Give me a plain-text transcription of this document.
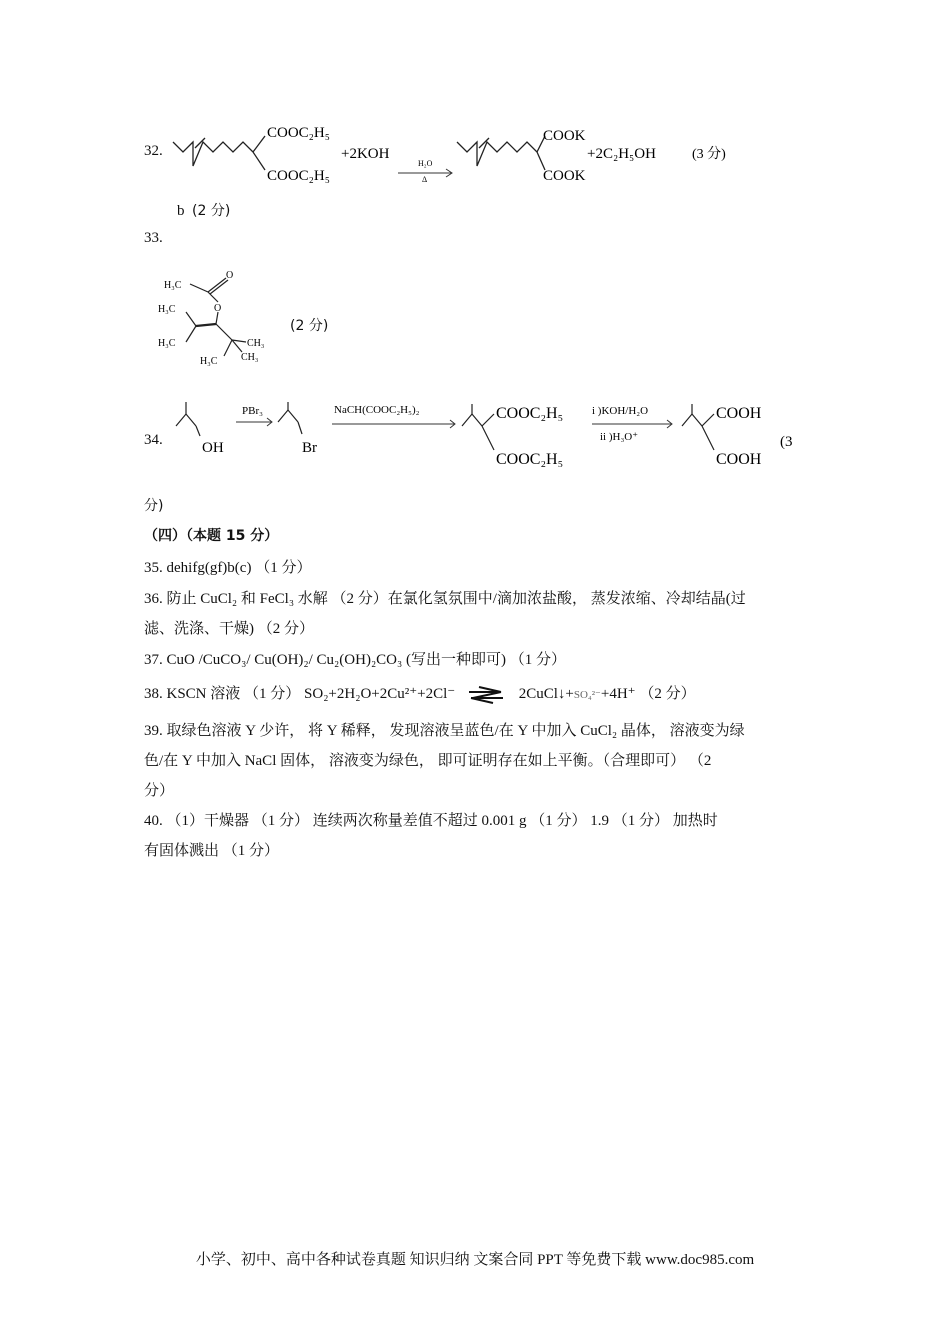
32.
COOC₂H₅
COOC₂H₅
+2KOH
H₂O
Δ
COOK
COOK
+2C₂H₅OH	(3 分)
b (2 分)
33.
H₃C
O
O
H₃C
H₃C	CH₃
CH₃
H₃C
(2 分)
34.	OH
PBr₃
Br
NaCH(COOC₂H₅)₂	COOC₂H₅
COOC₂H₅
i )KOH/H₂O
ii )H₃O⁺
COOH
COOH
(3
分)
（四）（本题 15 分）
35. dehifg(gf)b(c) （1 分）
36. 防止 CuCl₂ 和 FeCl₃ 水解 （2 分）在氯化氢氛围中/滴加浓盐酸， 蒸发浓缩、冷却结晶(过
滤、洗涤、干燥) （2 分）
37. CuO /CuCO₃/ Cu(OH)₂/ Cu₂(OH)₂CO₃ (写出一种即可) （1 分）
38. KSCN 溶液 （1 分） SO₂+2H₂O+2Cu²⁺+2Cl⁻ ⇌ 2CuCl↓+SO₄²⁻+4H⁺ （2 分）
39. 取绿色溶液 Y 少许， 将 Y 稀释， 发现溶液呈蓝色/在 Y 中加入 CuCl₂ 晶体， 溶液变为绿
色/在 Y 中加入 NaCl 固体， 溶液变为绿色， 即可证明存在如上平衡。（合理即可） （2
分）
40. （1）干燥器 （1 分） 连续两次称量差值不超过 0.001 g （1 分） 1.9 （1 分） 加热时
有固体溅出 （1 分）
小学、初中、高中各种试卷真题 知识归纳 文案合同 PPT 等免费下载 www.doc985.com
